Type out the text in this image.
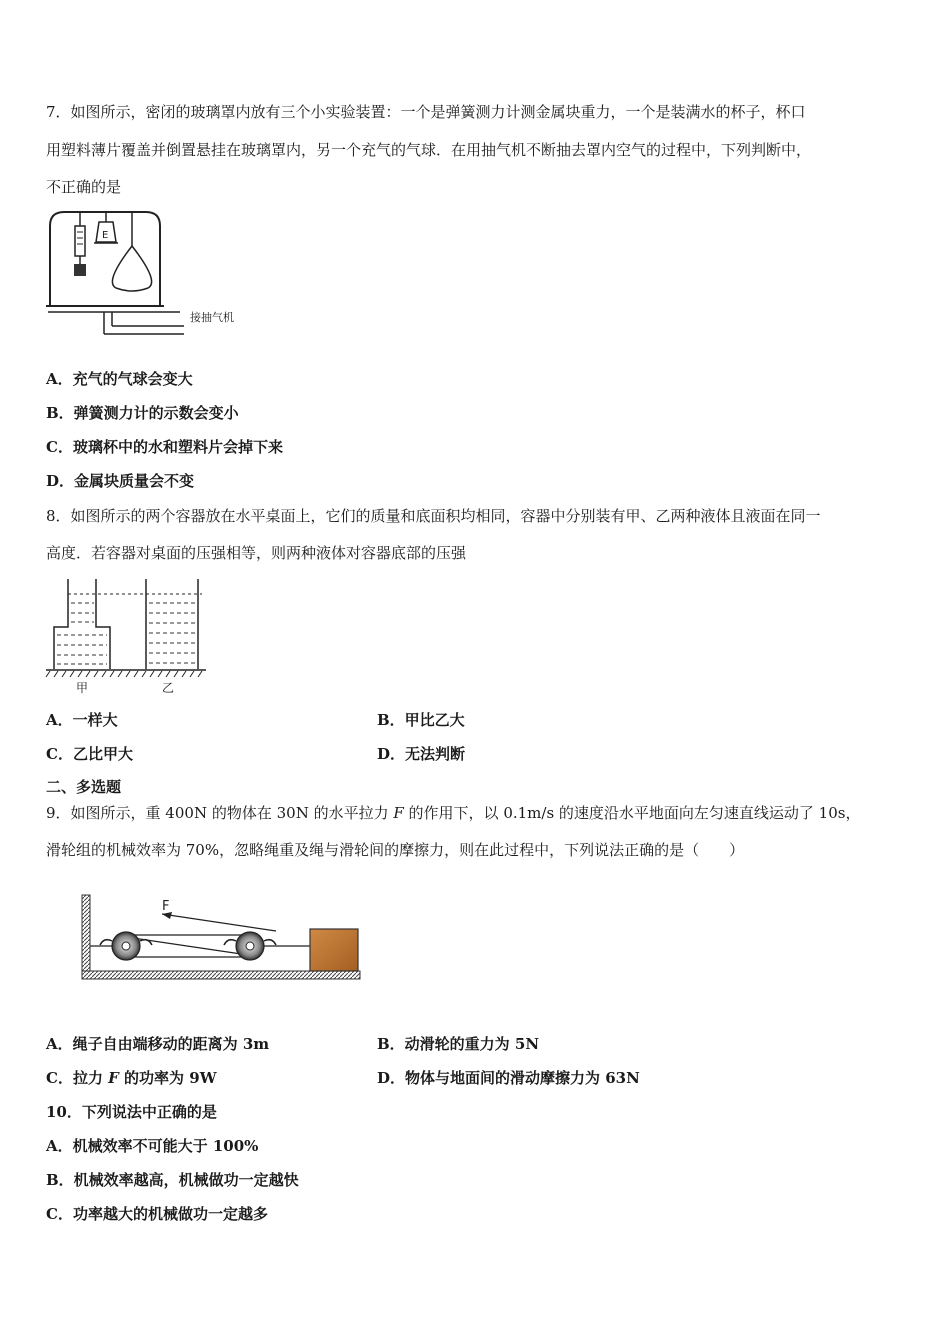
7．如图所示，密闭的玻璃罩内放有三个小实验装置：一个是弹簧测力计测金属块重力，一个是装满水的杯子，杯口
用塑料薄片覆盖并倒置悬挂在玻璃罩内，另一个充气的气球．在用抽气机不断抽去罩内空气的过程中，下列判断中，
不正确的是
E
接抽气机
A．充气的气球会变大
B．弹簧测力计的示数会变小
C．玻璃杯中的水和塑料片会掉下来
D．金属块质量会不变
8．如图所示的两个容器放在水平桌面上，它们的质量和底面积均相同，容器中分别装有甲、乙两种液体且液面在同一
高度．若容器对桌面的压强相等，则两种液体对容器底部的压强
甲	乙
A．一样大	B．甲比乙大
C．乙比甲大	D．无法判断
二、多选题
9．如图所示，重 400N 的物体在 30N 的水平拉力 F 的作用下，以 0.1m/s 的速度沿水平地面向左匀速直线运动了 10s，
滑轮组的机械效率为 70%，忽略绳重及绳与滑轮间的摩擦力，则在此过程中，下列说法正确的是（　　）
F
A．绳子自由端移动的距离为 3m	B．动滑轮的重力为 5N
C．拉力 F 的功率为 9W	D．物体与地面间的滑动摩擦力为 63N
10．下列说法中正确的是
A．机械效率不可能大于 100%
B．机械效率越高，机械做功一定越快
C．功率越大的机械做功一定越多
